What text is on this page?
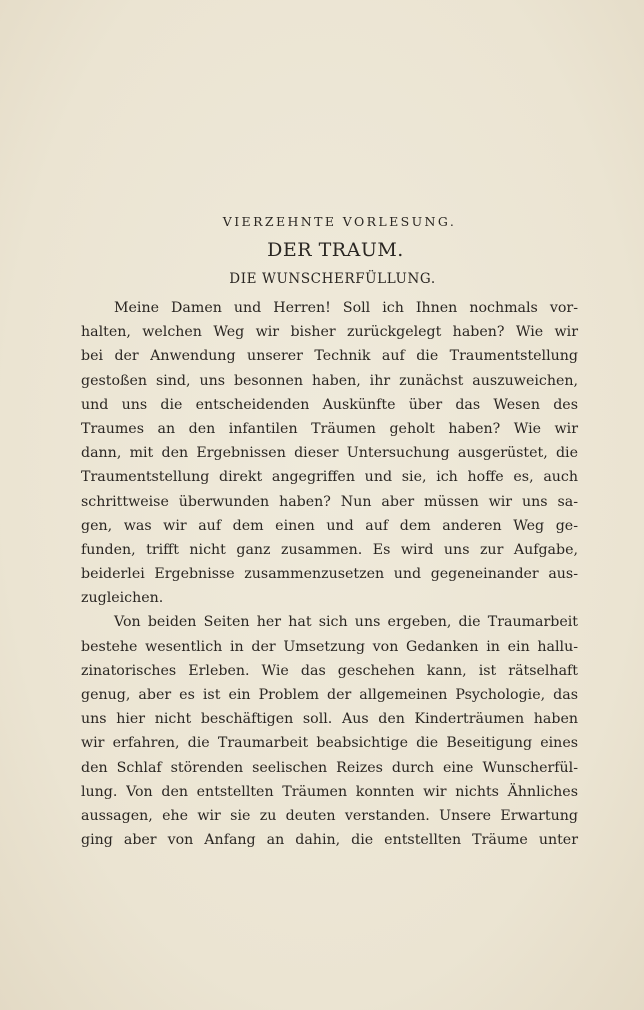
VIERZEHNTE VORLESUNG.
DER TRAUM.
DIE WUNSCHERFÜLLUNG.

Meine Damen und Herren! Soll ich Ihnen nochmals vor-
halten, welchen Weg wir bisher zurückgelegt haben? Wie wir
bei der Anwendung unserer Technik auf die Traumentstellung
gestoßen sind, uns besonnen haben, ihr zunächst auszuweichen,
und uns die entscheidenden Auskünfte über das Wesen des
Traumes an den infantilen Träumen geholt haben? Wie wir
dann, mit den Ergebnissen dieser Untersuchung ausgerüstet, die
Traumentstellung direkt angegriffen und sie, ich hoffe es, auch
schrittweise überwunden haben? Nun aber müssen wir uns sa-
gen, was wir auf dem einen und auf dem anderen Weg ge-
funden, trifft nicht ganz zusammen. Es wird uns zur Aufgabe,
beiderlei Ergebnisse zusammenzusetzen und gegeneinander aus-
zugleichen.

Von beiden Seiten her hat sich uns ergeben, die Traumarbeit
bestehe wesentlich in der Umsetzung von Gedanken in ein hallu-
zinatorisches Erleben. Wie das geschehen kann, ist rätselhaft
genug, aber es ist ein Problem der allgemeinen Psychologie, das
uns hier nicht beschäftigen soll. Aus den Kinderträumen haben
wir erfahren, die Traumarbeit beabsichtige die Beseitigung eines
den Schlaf störenden seelischen Reizes durch eine Wunscherfül-
lung. Von den entstellten Träumen konnten wir nichts Ähnliches
aussagen, ehe wir sie zu deuten verstanden. Unsere Erwartung
ging aber von Anfang an dahin, die entstellten Träume unter
